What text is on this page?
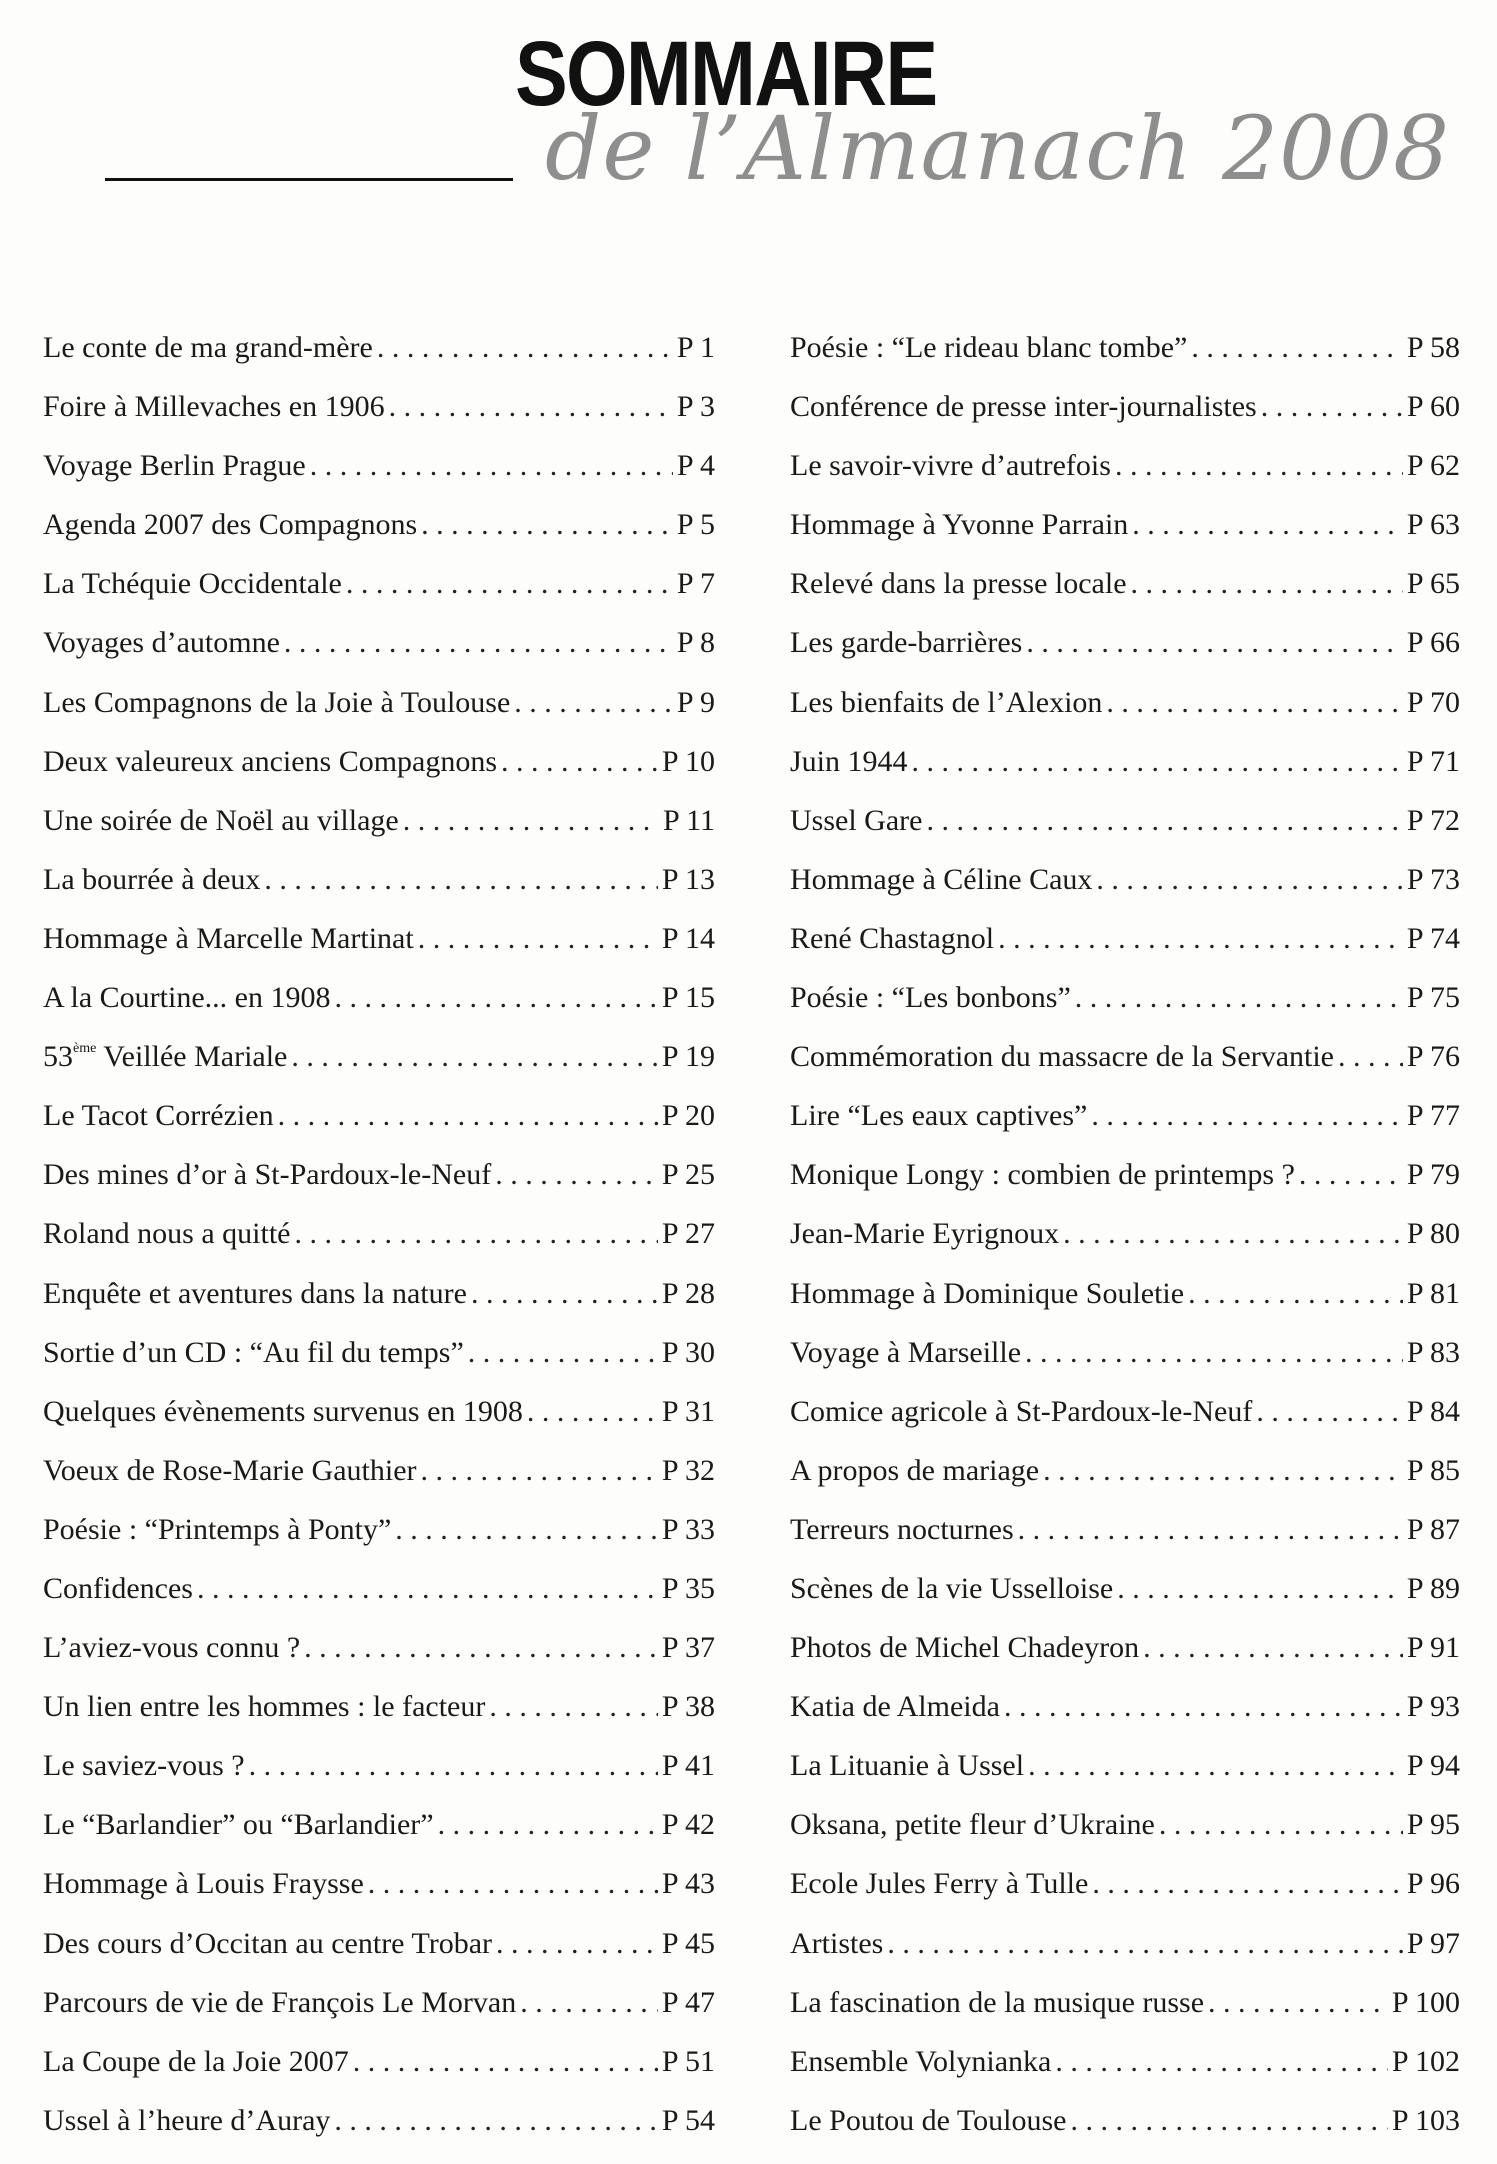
SOMMAIRE
de l’Almanach 2008
Le conte de ma grand-mère . . .	P 1
Foire à Millevaches en 1906 . . .	P 3
Voyage Berlin Prague . . .	P 4
Agenda 2007 des Compagnons . . .	P 5
La Tchéquie Occidentale . . .	P 7
Voyages d’automne . . .	P 8
Les Compagnons de la Joie à Toulouse . . .	P 9
Deux valeureux anciens Compagnons . . .	P 10
Une soirée de Noël au village . . .	P 11
La bourrée à deux . . .	P 13
Hommage à Marcelle Martinat . . .	P 14
A la Courtine... en 1908 . . .	P 15
53ème Veillée Mariale . . .	P 19
Le Tacot Corrézien . . .	P 20
Des mines d’or à St-Pardoux-le-Neuf . . .	P 25
Roland nous a quitté . . .	P 27
Enquête et aventures dans la nature . . .	P 28
Sortie d’un CD : “Au fil du temps” . . .	P 30
Quelques évènements survenus en 1908 . . .	P 31
Voeux de Rose-Marie Gauthier . . .	P 32
Poésie : “Printemps à Ponty” . . .	P 33
Confidences . . .	P 35
L’aviez-vous connu ? . . .	P 37
Un lien entre les hommes : le facteur . . .	P 38
Le saviez-vous ? . . .	P 41
Le “Barlandier” ou “Barlandier” . . .	P 42
Hommage à Louis Fraysse . . .	P 43
Des cours d’Occitan au centre Trobar . . .	P 45
Parcours de vie de François Le Morvan . . .	P 47
La Coupe de la Joie 2007 . . .	P 51
Ussel à l’heure d’Auray . . .	P 54
Poésie : “Le rideau blanc tombe” . . .	P 58
Conférence de presse inter-journalistes . . .	P 60
Le savoir-vivre d’autrefois . . .	P 62
Hommage à Yvonne Parrain . . .	P 63
Relevé dans la presse locale . . .	P 65
Les garde-barrières . . .	P 66
Les bienfaits de l’Alexion . . .	P 70
Juin 1944 . . .	P 71
Ussel Gare . . .	P 72
Hommage à Céline Caux . . .	P 73
René Chastagnol . . .	P 74
Poésie : “Les bonbons” . . .	P 75
Commémoration du massacre de la Servantie . . . P 76
Lire “Les eaux captives” . . .	P 77
Monique Longy : combien de printemps ? . . .	P 79
Jean-Marie Eyrignoux . . .	P 80
Hommage à Dominique Souletie . . .	P 81
Voyage à Marseille . . .	P 83
Comice agricole à St-Pardoux-le-Neuf . . .	P 84
A propos de mariage . . .	P 85
Terreurs nocturnes . . .	P 87
Scènes de la vie Usselloise . . .	P 89
Photos de Michel Chadeyron . . .	P 91
Katia de Almeida . . .	P 93
La Lituanie à Ussel . . .	P 94
Oksana, petite fleur d’Ukraine . . .	P 95
Ecole Jules Ferry à Tulle . . .	P 96
Artistes . . .	P 97
La fascination de la musique russe . . .	P 100
Ensemble Volynianka . . .	P 102
Le Poutou de Toulouse . . .	P 103
